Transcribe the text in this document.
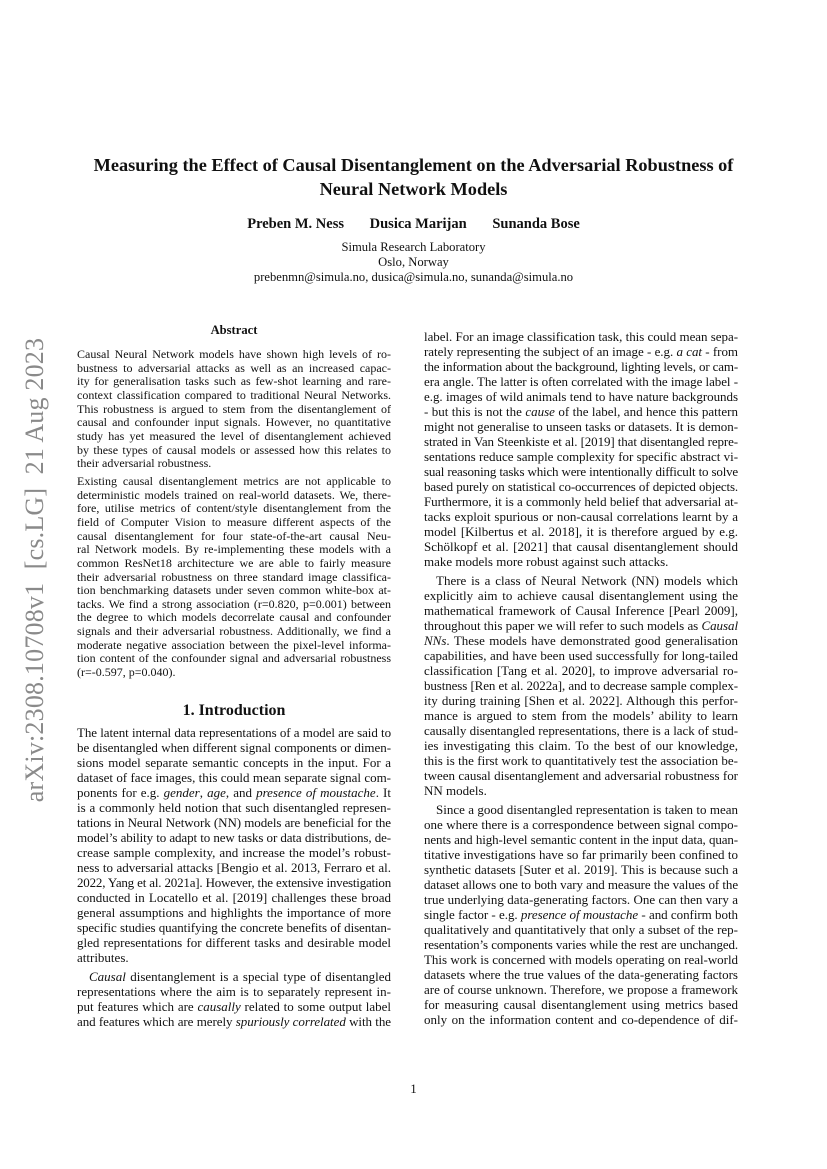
arXiv:2308.10708v1  [cs.LG]  21 Aug 2023
Measuring the Effect of Causal Disentanglement on the Adversarial Robustness of
Neural Network Models
Preben M. Ness Dusica Marijan Sunanda Bose
Simula Research Laboratory
Oslo, Norway
prebenmn@simula.no, dusica@simula.no, sunanda@simula.no
Abstract
Causal Neural Network models have shown high levels of ro-
bustness to adversarial attacks as well as an increased capac-
ity for generalisation tasks such as few-shot learning and rare-
context classification compared to traditional Neural Networks.
This robustness is argued to stem from the disentanglement of
causal and confounder input signals. However, no quantitative
study has yet measured the level of disentanglement achieved
by these types of causal models or assessed how this relates to
their adversarial robustness.
Existing causal disentanglement metrics are not applicable to
deterministic models trained on real-world datasets. We, there-
fore, utilise metrics of content/style disentanglement from the
field of Computer Vision to measure different aspects of the
causal disentanglement for four state-of-the-art causal Neu-
ral Network models. By re-implementing these models with a
common ResNet18 architecture we are able to fairly measure
their adversarial robustness on three standard image classifica-
tion benchmarking datasets under seven common white-box at-
tacks. We find a strong association (r=0.820, p=0.001) between
the degree to which models decorrelate causal and confounder
signals and their adversarial robustness. Additionally, we find a
moderate negative association between the pixel-level informa-
tion content of the confounder signal and adversarial robustness
(r=-0.597, p=0.040).
1. Introduction
The latent internal data representations of a model are said to
be disentangled when different signal components or dimen-
sions model separate semantic concepts in the input. For a
dataset of face images, this could mean separate signal com-
ponents for e.g. gender, age, and presence of moustache. It
is a commonly held notion that such disentangled represen-
tations in Neural Network (NN) models are beneficial for the
model’s ability to adapt to new tasks or data distributions, de-
crease sample complexity, and increase the model’s robust-
ness to adversarial attacks [Bengio et al. 2013, Ferraro et al.
2022, Yang et al. 2021a]. However, the extensive investigation
conducted in Locatello et al. [2019] challenges these broad
general assumptions and highlights the importance of more
specific studies quantifying the concrete benefits of disentan-
gled representations for different tasks and desirable model
attributes.
Causal disentanglement is a special type of disentangled
representations where the aim is to separately represent in-
put features which are causally related to some output label
and features which are merely spuriously correlated with the
label. For an image classification task, this could mean sepa-
rately representing the subject of an image - e.g. a cat - from
the information about the background, lighting levels, or cam-
era angle. The latter is often correlated with the image label -
e.g. images of wild animals tend to have nature backgrounds
- but this is not the cause of the label, and hence this pattern
might not generalise to unseen tasks or datasets. It is demon-
strated in Van Steenkiste et al. [2019] that disentangled repre-
sentations reduce sample complexity for specific abstract vi-
sual reasoning tasks which were intentionally difficult to solve
based purely on statistical co-occurrences of depicted objects.
Furthermore, it is a commonly held belief that adversarial at-
tacks exploit spurious or non-causal correlations learnt by a
model [Kilbertus et al. 2018], it is therefore argued by e.g.
Schölkopf et al. [2021] that causal disentanglement should
make models more robust against such attacks.
There is a class of Neural Network (NN) models which
explicitly aim to achieve causal disentanglement using the
mathematical framework of Causal Inference [Pearl 2009],
throughout this paper we will refer to such models as Causal
NNs. These models have demonstrated good generalisation
capabilities, and have been used successfully for long-tailed
classification [Tang et al. 2020], to improve adversarial ro-
bustness [Ren et al. 2022a], and to decrease sample complex-
ity during training [Shen et al. 2022]. Although this perfor-
mance is argued to stem from the models’ ability to learn
causally disentangled representations, there is a lack of stud-
ies investigating this claim. To the best of our knowledge,
this is the first work to quantitatively test the association be-
tween causal disentanglement and adversarial robustness for
NN models.
Since a good disentangled representation is taken to mean
one where there is a correspondence between signal compo-
nents and high-level semantic content in the input data, quan-
titative investigations have so far primarily been confined to
synthetic datasets [Suter et al. 2019]. This is because such a
dataset allows one to both vary and measure the values of the
true underlying data-generating factors. One can then vary a
single factor - e.g. presence of moustache - and confirm both
qualitatively and quantitatively that only a subset of the rep-
resentation’s components varies while the rest are unchanged.
This work is concerned with models operating on real-world
datasets where the true values of the data-generating factors
are of course unknown. Therefore, we propose a framework
for measuring causal disentanglement using metrics based
only on the information content and co-dependence of dif-
1
